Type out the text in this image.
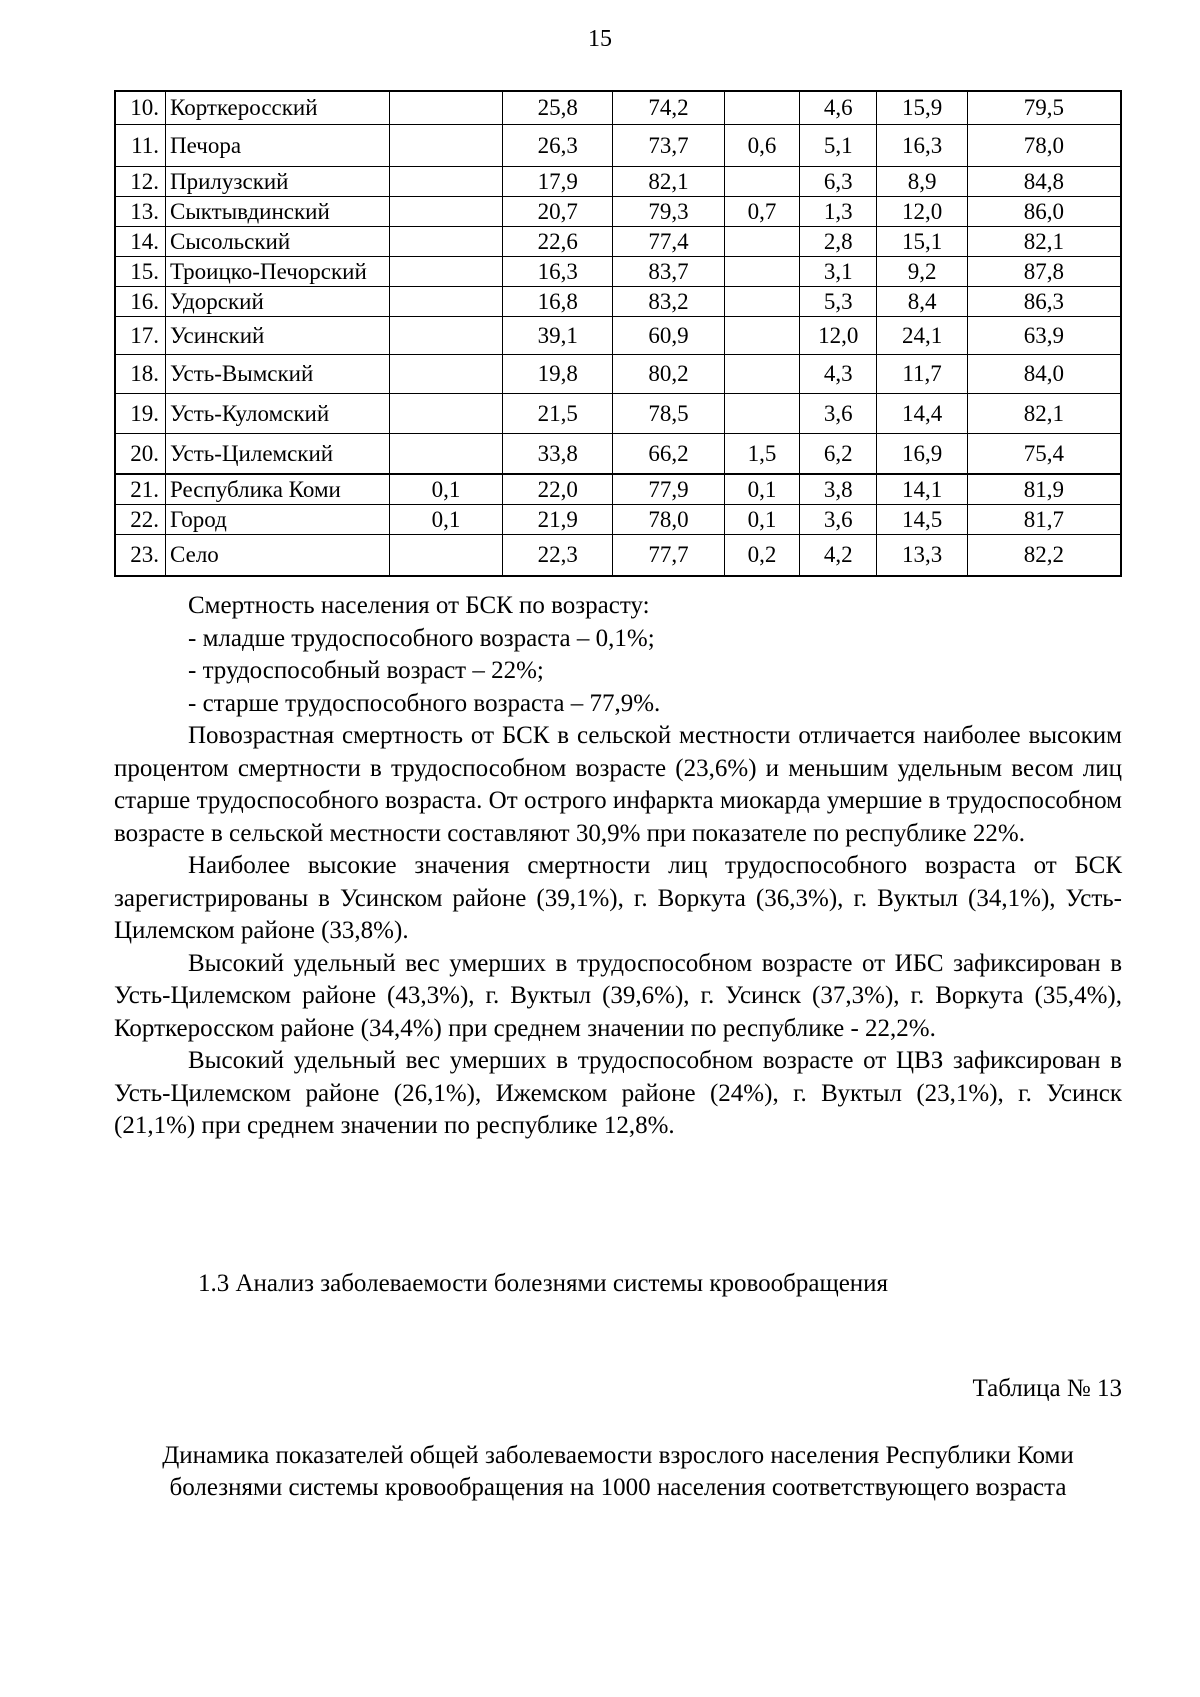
15
10.	Корткеросский		25,8	74,2		4,6	15,9	79,5
11.	Печора		26,3	73,7	0,6	5,1	16,3	78,0
12.	Прилузский		17,9	82,1		6,3	8,9	84,8
13.	Сыктывдинский		20,7	79,3	0,7	1,3	12,0	86,0
14.	Сысольский		22,6	77,4		2,8	15,1	82,1
15.	Троицко-Печорский		16,3	83,7		3,1	9,2	87,8
16.	Удорский		16,8	83,2		5,3	8,4	86,3
17.	Усинский		39,1	60,9		12,0	24,1	63,9
18.	Усть-Вымский		19,8	80,2		4,3	11,7	84,0
19.	Усть-Куломский		21,5	78,5		3,6	14,4	82,1
20.	Усть-Цилемский		33,8	66,2	1,5	6,2	16,9	75,4
21.	Республика Коми	0,1	22,0	77,9	0,1	3,8	14,1	81,9
22.	Город	0,1	21,9	78,0	0,1	3,6	14,5	81,7
23.	Село		22,3	77,7	0,2	4,2	13,3	82,2

Смертность населения от БСК по возрасту:

- младше трудоспособного возраста – 0,1%;

- трудоспособный возраст – 22%;

- старше трудоспособного возраста – 77,9%.

Повозрастная смертность от БСК в сельской местности отличается наиболее высоким процентом смертности в трудоспособном возрасте (23,6%) и меньшим удельным весом лиц старше трудоспособного возраста. От острого инфаркта миокарда умершие в трудоспособном возрасте в сельской местности составляют 30,9% при показателе по республике 22%.

Наиболее высокие значения смертности лиц трудоспособного возраста от БСК зарегистрированы в Усинском районе (39,1%), г. Воркута (36,3%), г. Вуктыл (34,1%), Усть-Цилемском районе (33,8%).

Высокий удельный вес умерших в трудоспособном возрасте от ИБС зафиксирован в Усть-Цилемском районе (43,3%), г. Вуктыл (39,6%), г. Усинск (37,3%), г. Воркута (35,4%), Корткеросском районе (34,4%) при среднем значении по республике - 22,2%.

Высокий удельный вес умерших в трудоспособном возрасте от ЦВЗ зафиксирован в Усть-Цилемском районе (26,1%), Ижемском районе (24%), г. Вуктыл (23,1%), г. Усинск (21,1%) при среднем значении по республике 12,8%.

1.3 Анализ заболеваемости болезнями системы кровообращения
Таблица № 13
Динамика показателей общей заболеваемости взрослого населения Республики Коми болезнями системы кровообращения на 1000 населения соответствующего возраста
